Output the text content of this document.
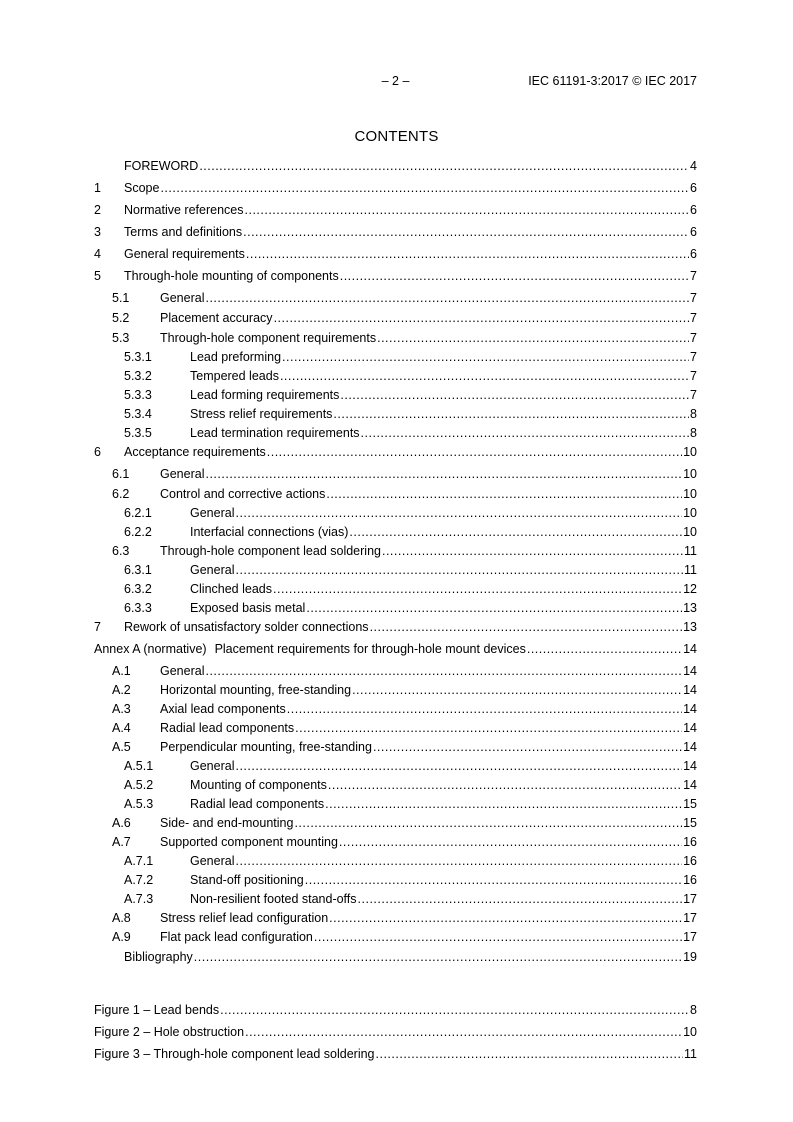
– 2 –	IEC 61191-3:2017 © IEC 2017
CONTENTS
FOREWORD .....	4
1	Scope .....	6
2	Normative references .....	6
3	Terms and definitions .....	6
4	General requirements .....	6
5	Through-hole mounting of components .....	7
5.1	General .....	7
5.2	Placement accuracy .....	7
5.3	Through-hole component requirements .....	7
5.3.1	Lead preforming .....	7
5.3.2	Tempered leads .....	7
5.3.3	Lead forming requirements .....	7
5.3.4	Stress relief requirements .....	8
5.3.5	Lead termination requirements .....	8
6	Acceptance requirements .....	10
6.1	General .....	10
6.2	Control and corrective actions .....	10
6.2.1	General .....	10
6.2.2	Interfacial connections (vias) .....	10
6.3	Through-hole component lead soldering .....	11
6.3.1	General .....	11
6.3.2	Clinched leads .....	12
6.3.3	Exposed basis metal .....	13
7	Rework of unsatisfactory solder connections .....	13
Annex A (normative) Placement requirements for through-hole mount devices .....	14
A.1	General .....	14
A.2	Horizontal mounting, free-standing .....	14
A.3	Axial lead components .....	14
A.4	Radial lead components .....	14
A.5	Perpendicular mounting, free-standing .....	14
A.5.1	General .....	14
A.5.2	Mounting of components .....	14
A.5.3	Radial lead components .....	15
A.6	Side- and end-mounting .....	15
A.7	Supported component mounting .....	16
A.7.1	General .....	16
A.7.2	Stand-off positioning .....	16
A.7.3	Non-resilient footed stand-offs .....	17
A.8	Stress relief lead configuration .....	17
A.9	Flat pack lead configuration .....	17
Bibliography .....	19
Figure 1 – Lead bends .....	8
Figure 2 – Hole obstruction .....	10
Figure 3 – Through-hole component lead soldering .....	11
